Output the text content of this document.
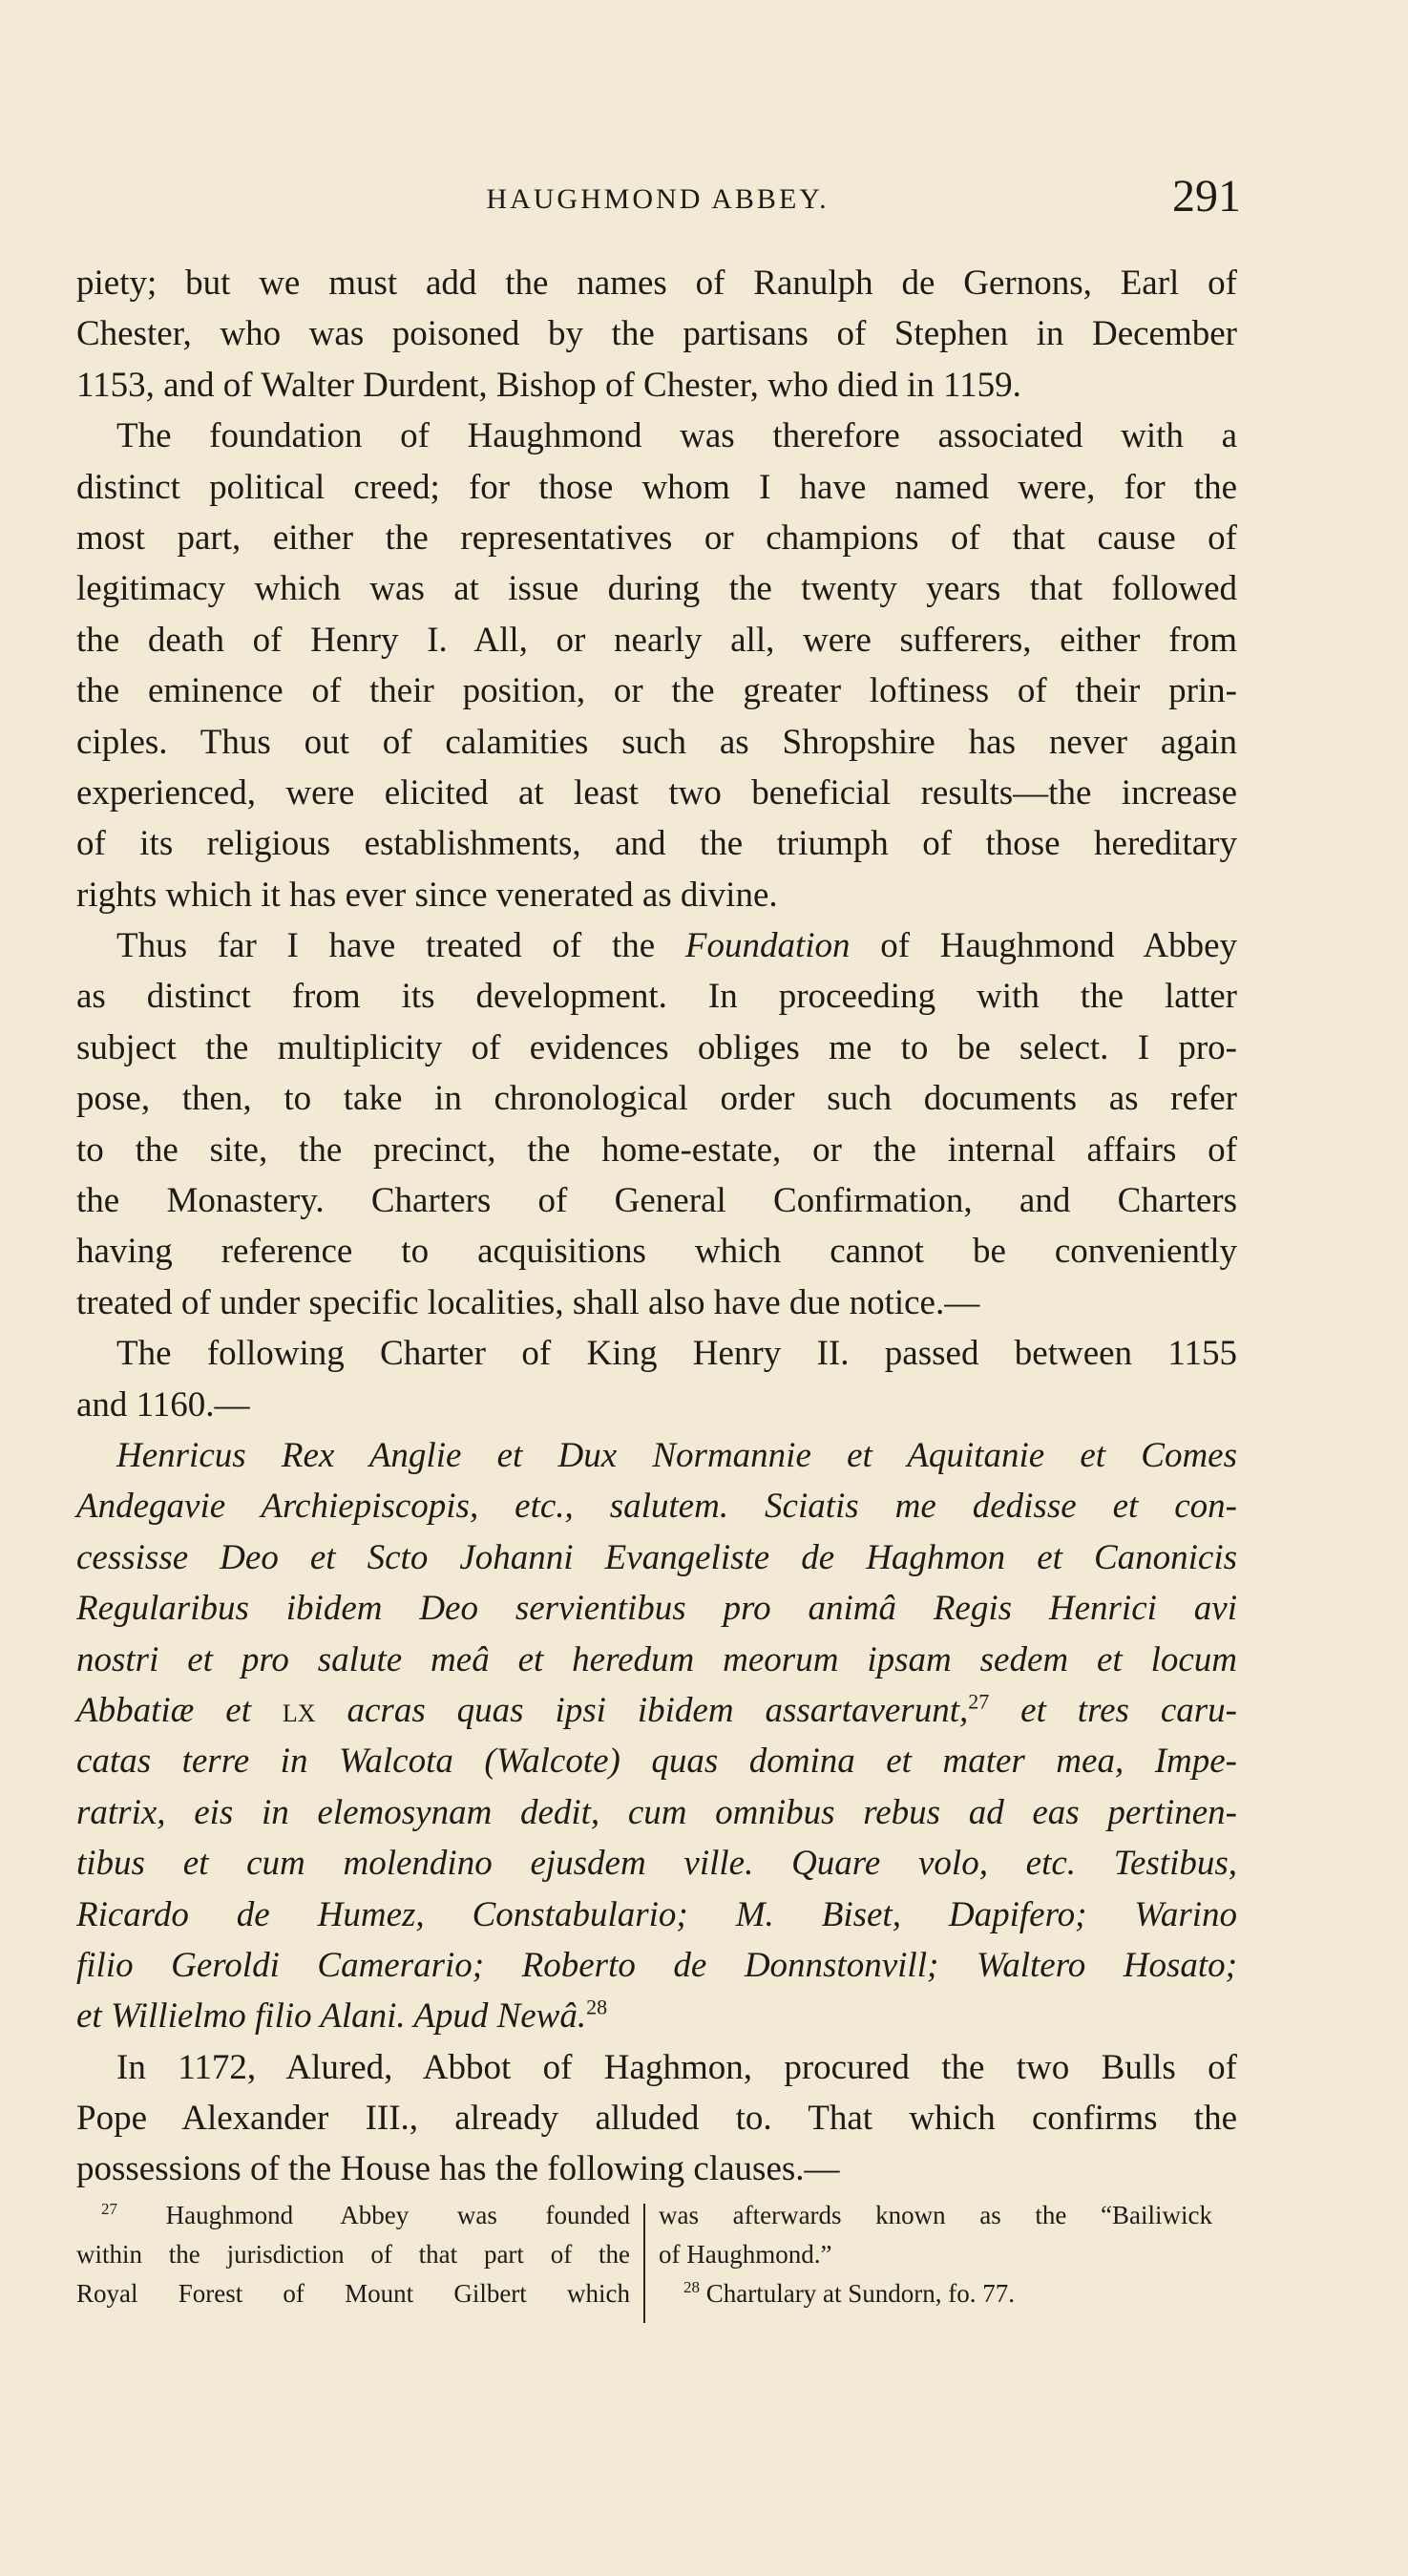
HAUGHMOND ABBEY.	291
piety; but we must add the names of Ranulph de Gernons, Earl of
Chester, who was poisoned by the partisans of Stephen in December
1153, and of Walter Durdent, Bishop of Chester, who died in 1159.
The foundation of Haughmond was therefore associated with a
distinct political creed; for those whom I have named were, for the
most part, either the representatives or champions of that cause of
legitimacy which was at issue during the twenty years that followed
the death of Henry I. All, or nearly all, were sufferers, either from
the eminence of their position, or the greater loftiness of their prin-
ciples. Thus out of calamities such as Shropshire has never again
experienced, were elicited at least two beneficial results—the increase
of its religious establishments, and the triumph of those hereditary
rights which it has ever since venerated as divine.
Thus far I have treated of the Foundation of Haughmond Abbey
as distinct from its development. In proceeding with the latter
subject the multiplicity of evidences obliges me to be select. I pro-
pose, then, to take in chronological order such documents as refer
to the site, the precinct, the home-estate, or the internal affairs of
the Monastery. Charters of General Confirmation, and Charters
having reference to acquisitions which cannot be conveniently
treated of under specific localities, shall also have due notice.—
The following Charter of King Henry II. passed between 1155
and 1160.—
Henricus Rex Anglie et Dux Normannie et Aquitanie et Comes
Andegavie Archiepiscopis, etc., salutem. Sciatis me dedisse et con-
cessisse Deo et Scto Johanni Evangeliste de Haghmon et Canonicis
Regularibus ibidem Deo servientibus pro animâ Regis Henrici avi
nostri et pro salute meâ et heredum meorum ipsam sedem et locum
Abbatiæ et lx acras quas ipsi ibidem assartaverunt,$^{27}$ et tres caru-
catas terre in Walcota (Walcote) quas domina et mater mea, Impe-
ratrix, eis in elemosynam dedit, cum omnibus rebus ad eas pertinen-
tibus et cum molendino ejusdem ville. Quare volo, etc. Testibus,
Ricardo de Humez, Constabulario; M. Biset, Dapifero; Warino
filio Geroldi Camerario; Roberto de Donnstonvill; Waltero Hosato;
et Willielmo filio Alani. Apud Newâ.$^{28}$
In 1172, Alured, Abbot of Haghmon, procured the two Bulls of
Pope Alexander III., already alluded to. That which confirms the
possessions of the House has the following clauses.—
$^{27}$ Haughmond Abbey was founded
within the jurisdiction of that part of the
Royal Forest of Mount Gilbert which
was afterwards known as the “Bailiwick
of Haughmond.”
$^{28}$ Chartulary at Sundorn, fo. 77.
